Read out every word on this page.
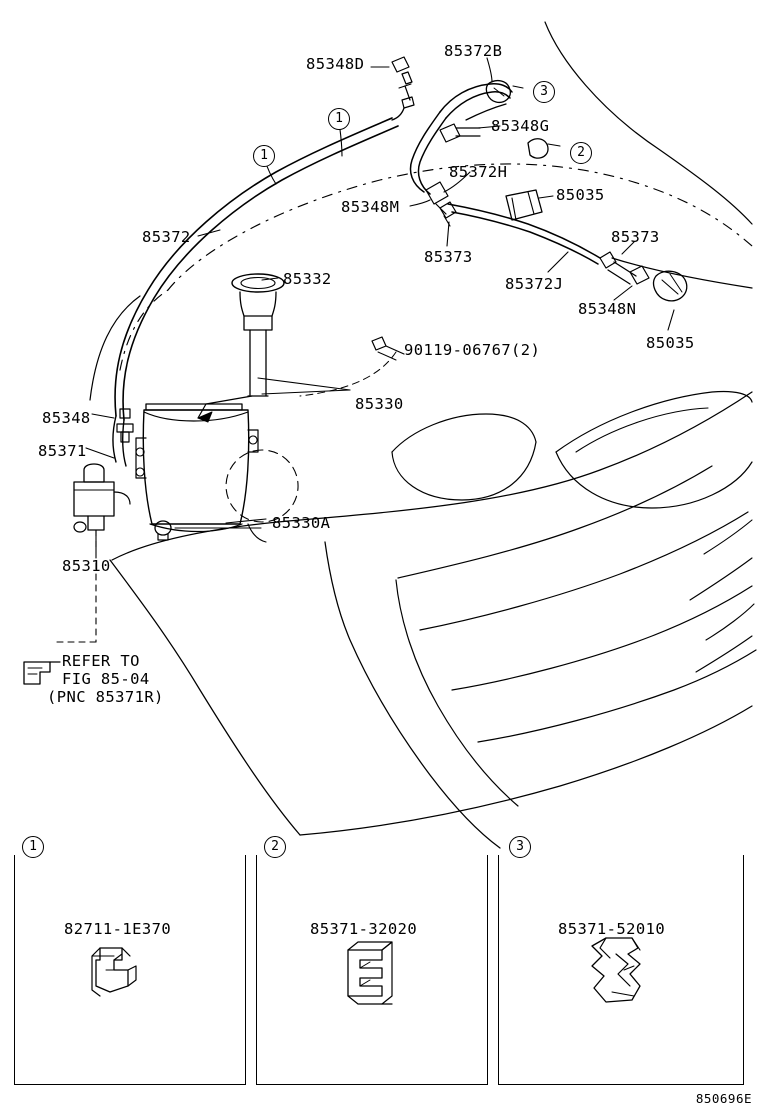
85348D
85372B
85348G
85372H
85035
85348M
85373
85373
85372
85372J
85348N
85035
85332
90119-06767(2)
85330
85348
85371
85330A
85310
REFER TO
FIG 85-04
(PNC 85371R)
1
1
3
2
1	2	3
82711-1E370	85371-32020	85371-52010
850696E
